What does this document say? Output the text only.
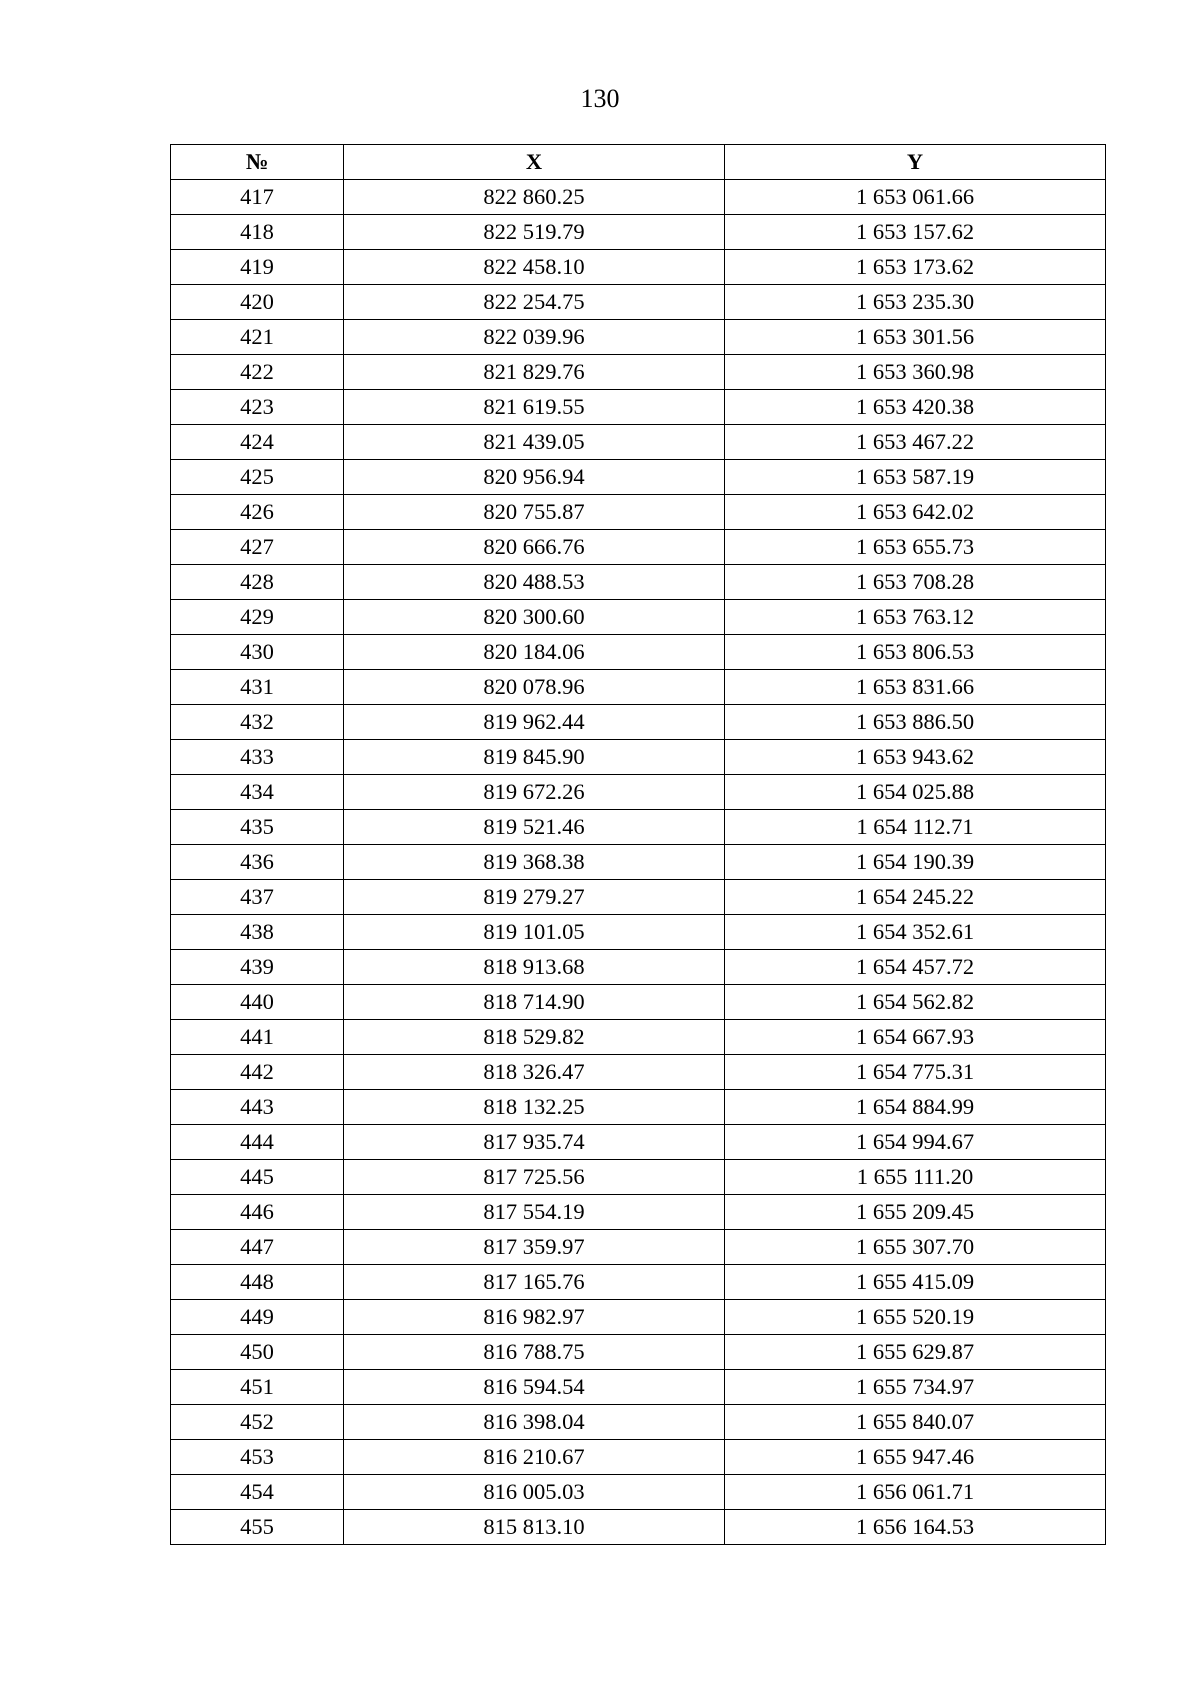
130
№	X	Y
417	822 860.25	1 653 061.66
418	822 519.79	1 653 157.62
419	822 458.10	1 653 173.62
420	822 254.75	1 653 235.30
421	822 039.96	1 653 301.56
422	821 829.76	1 653 360.98
423	821 619.55	1 653 420.38
424	821 439.05	1 653 467.22
425	820 956.94	1 653 587.19
426	820 755.87	1 653 642.02
427	820 666.76	1 653 655.73
428	820 488.53	1 653 708.28
429	820 300.60	1 653 763.12
430	820 184.06	1 653 806.53
431	820 078.96	1 653 831.66
432	819 962.44	1 653 886.50
433	819 845.90	1 653 943.62
434	819 672.26	1 654 025.88
435	819 521.46	1 654 112.71
436	819 368.38	1 654 190.39
437	819 279.27	1 654 245.22
438	819 101.05	1 654 352.61
439	818 913.68	1 654 457.72
440	818 714.90	1 654 562.82
441	818 529.82	1 654 667.93
442	818 326.47	1 654 775.31
443	818 132.25	1 654 884.99
444	817 935.74	1 654 994.67
445	817 725.56	1 655 111.20
446	817 554.19	1 655 209.45
447	817 359.97	1 655 307.70
448	817 165.76	1 655 415.09
449	816 982.97	1 655 520.19
450	816 788.75	1 655 629.87
451	816 594.54	1 655 734.97
452	816 398.04	1 655 840.07
453	816 210.67	1 655 947.46
454	816 005.03	1 656 061.71
455	815 813.10	1 656 164.53
